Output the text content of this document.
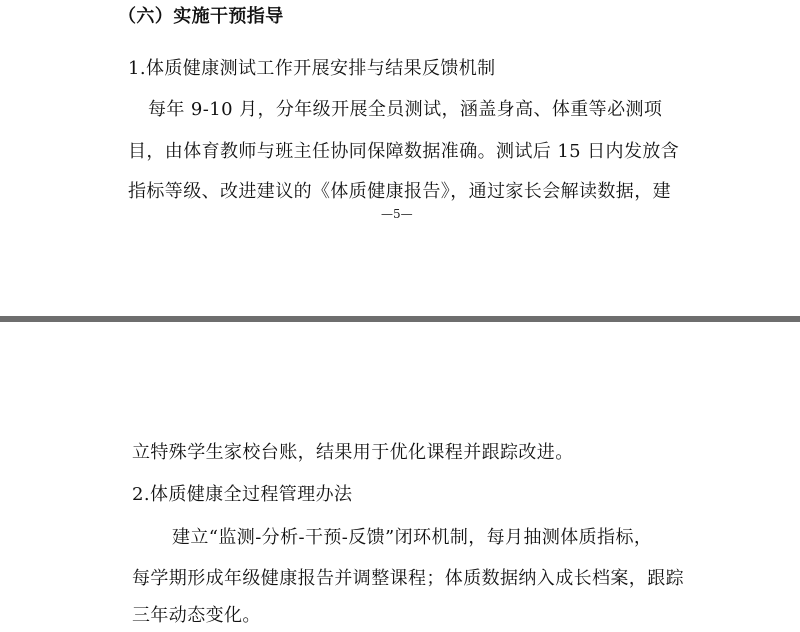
（六）实施干预指导
1.体质健康测试工作开展安排与结果反馈机制
每年 9-10 月，分年级开展全员测试，涵盖身高、体重等必测项
目，由体育教师与班主任协同保障数据准确。测试后 15 日内发放含
指标等级、改进建议的《体质健康报告》，通过家长会解读数据，建
—5—
立特殊学生家校台账，结果用于优化课程并跟踪改进。
2.体质健康全过程管理办法
建立“监测-分析-干预-反馈”闭环机制，每月抽测体质指标，
每学期形成年级健康报告并调整课程；体质数据纳入成长档案，跟踪
三年动态变化。
